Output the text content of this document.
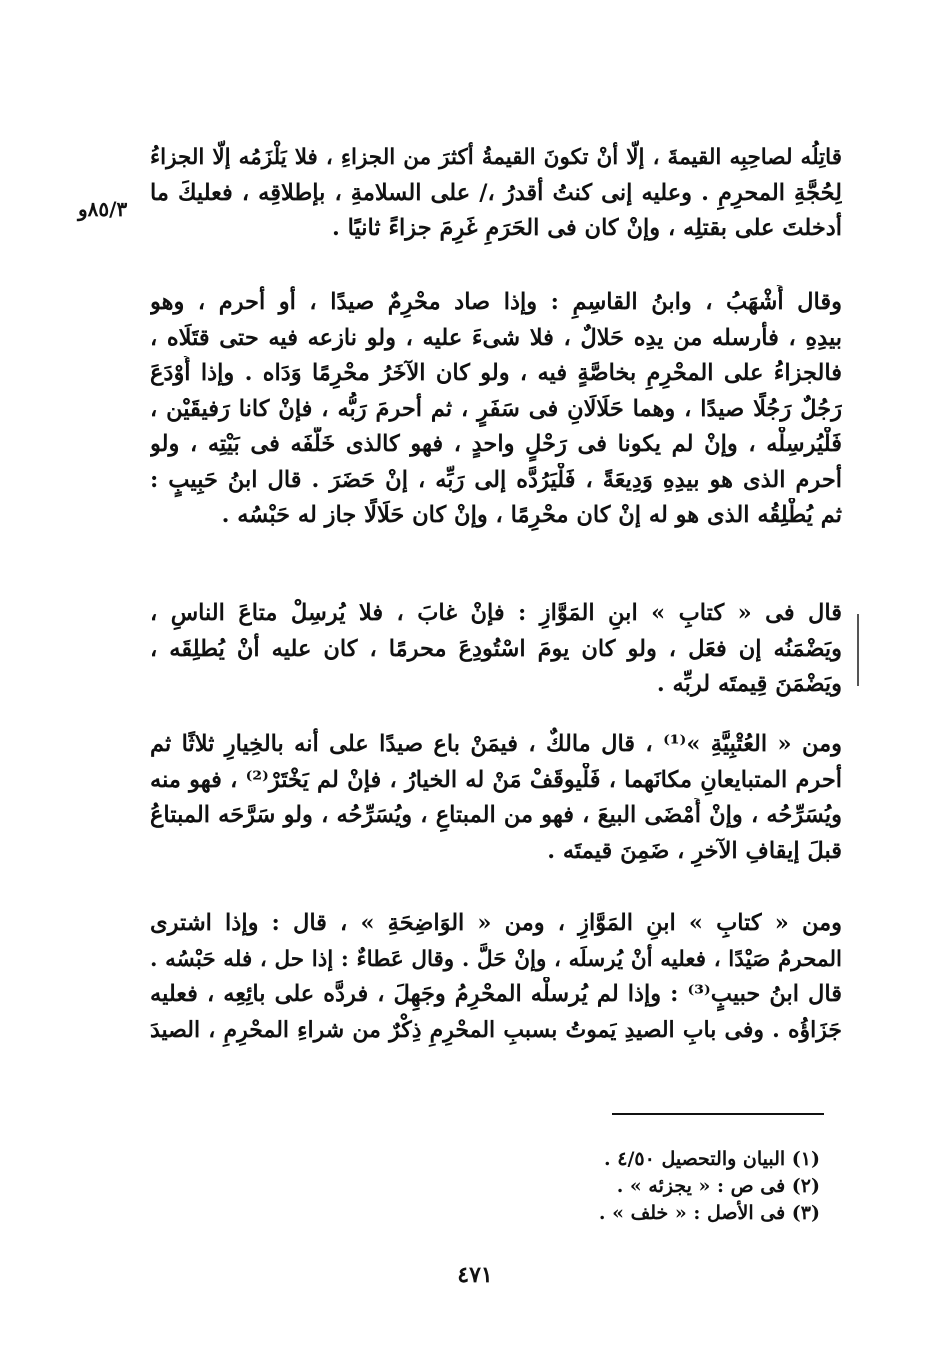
٨٥/٣و
قاتِلُه لصاحِبِه القيمةَ ، إلّا أنْ تكونَ القيمةُ أكثرَ من الجزاءِ ، فلا يَلْزَمُه إلّا الجزاءُ
لِحُجَّةِ المحرِمِ . وعليه إنى كنتُ أقدرُ ،/ على السلامةِ ، بإطلاقِه ، فعليكَ ما
أدخلتَ على بقتلِه ، وإنْ كان فى الحَرَمِ غَرِمَ جزاءً ثانيًا .
وقال أَشْهَبُ ، وابنُ القاسِمِ : وإذا صاد محْرِمٌ صيدًا ، أو أحرم ، وهو
بيدِهِ ، فأرسله من يدِه حَلالٌ ، فلا شىءَ عليه ، ولو نازعه فيه حتى قتَلَاه ،
فالجزاءُ على المحْرِمِ بخاصَّةٍ فيه ، ولو كان الآخَرُ محْرِمًا وَدَاه . وإذا أُوْدَعَ
رَجُلٌ رَجُلًا صيدًا ، وهما حَلَالَانِ فى سَفَرٍ ، ثم أحرمَ رَبُّه ، فإنْ كانا رَفيقَيْن ،
فَلْيُرسِلْه ، وإنْ لم يكونا فى رَحْلٍ واحدٍ ، فهو كالذى خَلَّفَه فى بَيْتِه ، ولو
أحرم الذى هو بيدِهِ وَدِيعَةً ، فَلْيَرُدَّه إلى رَبِّه ، إنْ حَضَرَ . قال ابنُ حَبِيبٍ :
ثم يُطْلِقُه الذى هو له إنْ كان محْرِمًا ، وإنْ كان حَلَالًا جاز له حَبْسُه .
قال فى « كتابِ » ابنِ المَوَّازِ : فإنْ غابَ ، فلا يُرسِلْ متاعَ الناسِ ،
ويَضْمَنُه إن فعَل ، ولو كان يومَ اسْتُودِعَ محرمًا ، كان عليه أنْ يُطلِقَه ،
ويَضْمَنَ قِيمتَه لربِّه .
ومن « العُتْبِيَّةِ »⁽¹⁾ ، قال مالكٌ ، فيمَنْ باع صيدًا على أنه بالخِيارِ ثلاثًا ثم
أحرم المتبايعانِ مكانَهما ، فَلْيوقَفْ مَنْ له الخيارُ ، فإنْ لم يَخْتَرْ⁽²⁾ ، فهو منه
ويُسَرِّحُه ، وإنْ أَمْضَى البيعَ ، فهو من المبتاعِ ، ويُسَرِّحُه ، ولو سَرَّحَه المبتاعُ
قبلَ إيقافِ الآخرِ ، ضَمِنَ قيمتَه .
ومن « كتابِ » ابنِ المَوَّازِ ، ومن « الوَاضِحَةِ » ، قال : وإذا اشترى
المحرمُ صَيْدًا ، فعليه أنْ يُرسلَه ، وإنْ حَلَّ . وقال عَطاءٌ : إذا حل ، فله حَبْسُه .
قال ابنُ حبيبٍ⁽³⁾ : وإذا لم يُرسلْه المحْرِمُ وجَهِلَ ، فردَّه على بائِعِه ، فعليه
جَزَاؤُه . وفى بابِ الصيدِ يَموتُ بسببِ المحْرِمِ ذِكْرٌ من شراءِ المحْرِمِ ، الصيدَ
(١) البيان والتحصيل ٤/٥٠ .
(٢) فى ص : « يجزئه » .
(٣) فى الأصل : « خلف » .
٤٧١
